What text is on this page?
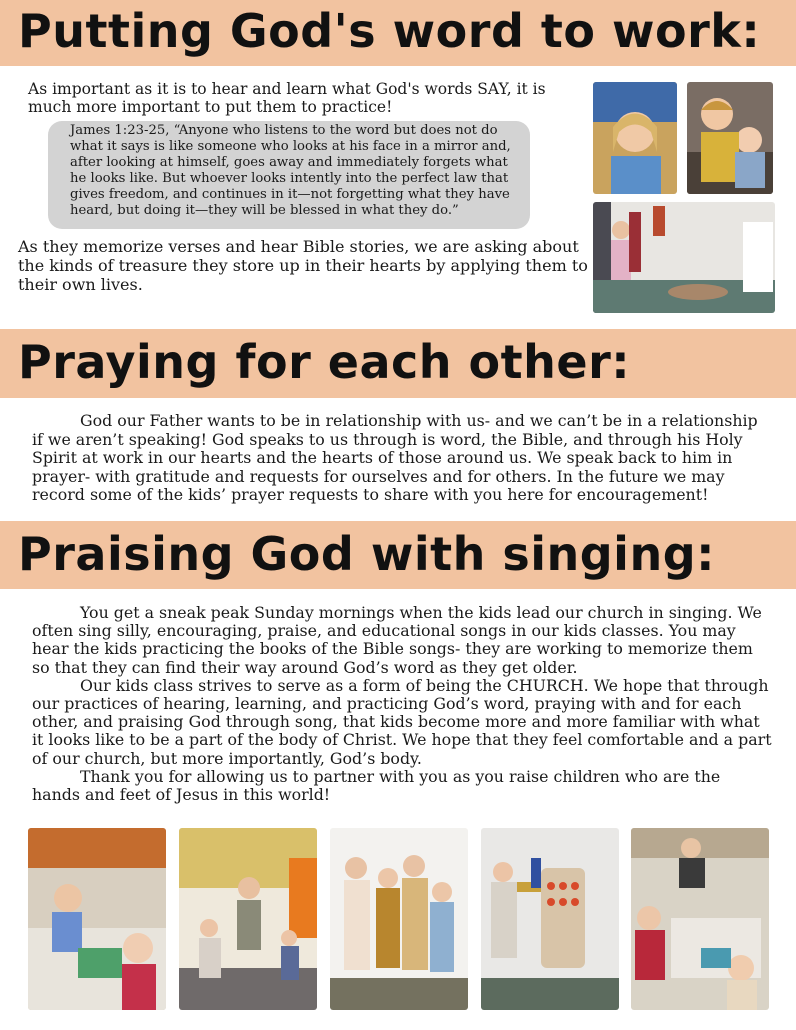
Putting God's word to work:

As important as it is to hear and learn what God's words SAY, it is much more important to put them to practice!

James 1:23-25, “Anyone who listens to the word but does not do what it says is like someone who looks at his face in a mirror and, after looking at himself, goes away and immediately forgets what he looks like. But whoever looks intently into the perfect law that gives freedom, and continues in it—not forgetting what they have heard, but doing it—they will be blessed in what they do.”

As they memorize verses and hear Bible stories, we are asking about the kinds of treasure they store up in their hearts by applying them to their own lives.

Praying for each other:

God our Father wants to be in relationship with us- and we can’t be in a relationship if we aren’t speaking! God speaks to us through is word, the Bible, and through his Holy Spirit at work in our hearts and the hearts of those around us. We speak back to him in prayer- with gratitude and requests for ourselves and for others. In the future we may record some of the kids’ prayer requests to share with you here for encouragement!

Praising God with singing:

You get a sneak peak Sunday mornings when the kids lead our church in singing. We often sing silly, encouraging, praise, and educational songs in our kids classes. You may hear the kids practicing the books of the Bible songs- they are working to memorize them so that they can find their way around God’s word as they get older.

Our kids class strives to serve as a form of being the CHURCH. We hope that through our practices of hearing, learning, and practicing God’s word, praying with and for each other, and praising God through song, that kids become more and more familiar with what it looks like to be a part of the body of Christ. We hope that they feel comfortable and a part of our church, but more importantly, God’s body.

Thank you for allowing us to partner with you as you raise children who are the hands and feet of Jesus in this world!
